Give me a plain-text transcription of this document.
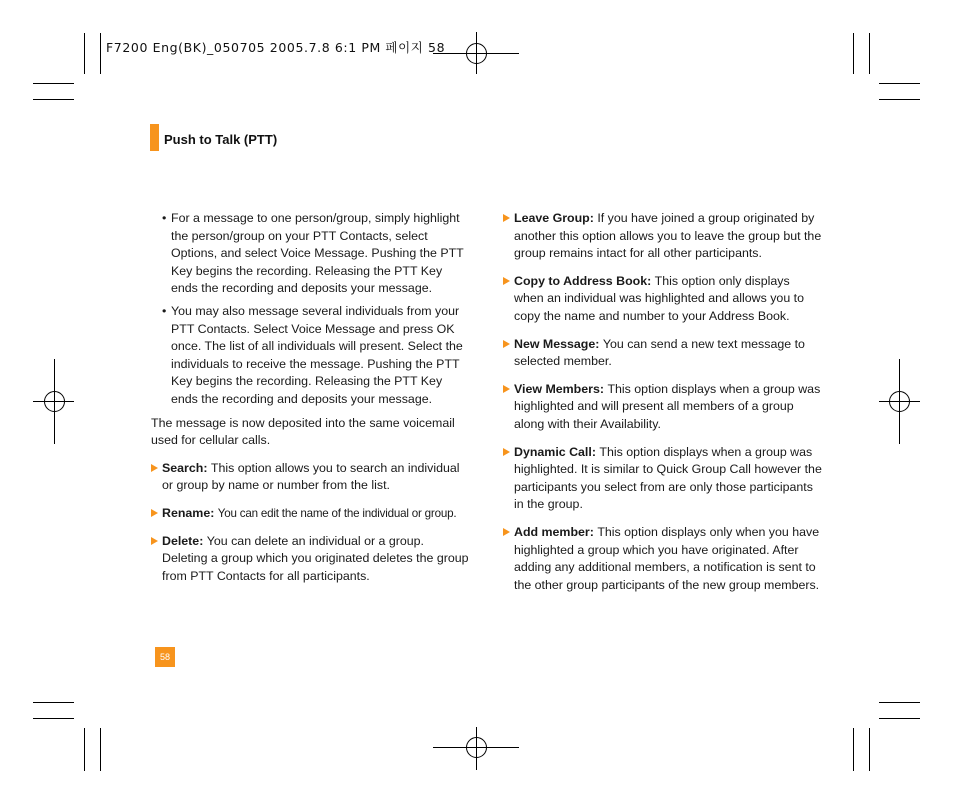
F7200 Eng(BK)_050705 2005.7.8 6:1 PM 페이지 58
Push to Talk (PTT)
• For a message to one person/group, simply highlight the person/group on your PTT Contacts, select Options, and select Voice Message. Pushing the PTT Key begins the recording. Releasing the PTT Key ends the recording and deposits your message.
• You may also message several individuals from your PTT Contacts. Select Voice Message and press OK once. The list of all individuals will present. Select the individuals to receive the message. Pushing the PTT Key begins the recording. Releasing the PTT Key ends the recording and deposits your message.
The message is now deposited into the same voicemail used for cellular calls.
Search: This option allows you to search an individual or group by name or number from the list.
Rename: You can edit the name of the individual or group.
Delete: You can delete an individual or a group. Deleting a group which you originated deletes the group from PTT Contacts for all participants.
Leave Group: If you have joined a group originated by another this option allows you to leave the group but the group remains intact for all other participants.
Copy to Address Book: This option only displays when an individual was highlighted and allows you to copy the name and number to your Address Book.
New Message: You can send a new text message to selected member.
View Members: This option displays when a group was highlighted and will present all members of a group along with their Availability.
Dynamic Call: This option displays when a group was highlighted. It is similar to Quick Group Call however the participants you select from are only those participants in the group.
Add member: This option displays only when you have highlighted a group which you have originated. After adding any additional members, a notification is sent to the other group participants of the new group members.
58
